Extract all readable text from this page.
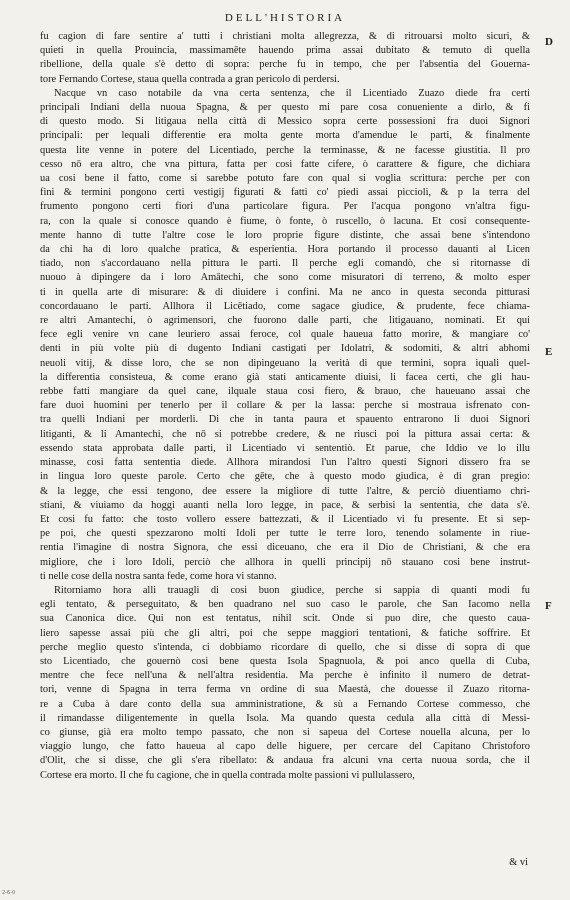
DELL'HISTORIA
fu cagion di fare sentire a' tutti i christiani molta allegrezza, & di ritrouarsi molto sicuri, &
quieti in quella Prouincia, massimamēte hauendo prima assai dubitato & temuto di quella
ribellione, della quale s'è detto di sopra: perche fu in tempo, che per l'absentia del Gouerna-
tore Fernando Cortese, staua quella contrada a gran pericolo di perdersi.
Nacque vn caso notabile da vna certa sentenza, che il Licentiado Zuazo diede fra certi
principali Indiani della nuoua Spagna, & per questo mi pare cosa conueniente a dirlo, & fi
di questo modo. Si litigaua nella città di Messico sopra certe possessioni fra duoi Signori
principali: per lequali differentie era molta gente morta d'amendue le parti, & finalmente
questa lite venne in potere del Licentiado, perche la terminasse, & ne facesse giustitia. Il pro
cesso nō era altro, che vna pittura, fatta per cosi fatte cifere, ò carattere & figure, che dichiara
ua cosi bene il fatto, come si sarebbe potuto fare con qual si voglia scrittura: perche per con
fini & termini pongono certi vestigij figurati & fatti co' piedi assai piccioli, & p la terra del
frumento pongono certi fiori d'una particolare figura. Per l'acqua pongono vn'altra figu-
ra, con la quale si conosce quando è fiume, ò fonte, ò ruscello, ò lacuna. Et cosi consequente-
mente hanno di tutte l'altre cose le loro proprie figure distinte, che assai bene s'intendono
da chi ha di loro qualche pratica, & esperientia. Hora portando il processo dauanti al Licen
tiado, non s'accordauano nella pittura le parti. Il perche egli comandò, che si ritornasse di
nuouo à dipingere da i loro Amātechi, che sono come misuratori di terreno, & molto esper
ti in quella arte di misurare: & di diuidere i confini. Ma ne anco in questa seconda pitturasi
concordauano le parti. Allhora il Licētiado, come sagace giudice, & prudente, fece chiama-
re altri Amantechi, ò agrimensori, che fuorono dalle parti, che litigauano, nominati. Et qui
fece egli venire vn cane leuriero assai feroce, col quale haueua fatto morire, & mangiare co'
denti in più volte più di dugento Indiani castigati per Idolatri, & sodomiti, & altri abhomi
neuoli vitij, & disse loro, che se non dipingeuano la verità di que termini, sopra iquali quel-
la differentia consisteua, & come erano già stati anticamente diuisi, li facea certi, che gli hau-
rebbe fatti mangiare da quel cane, ilquale staua cosi fiero, & brauo, che haueuano assai che
fare duoi huomini per tenerlo per il collare & per la lassa: perche si mostraua isfrenato con-
tra quelli Indiani per morderli. Di che in tanta paura et spauento entrarono li duoi Signori
litiganti, & li Amantechi, che nō si potrebbe credere, & ne riusci poi la pittura assai certa: &
essendo stata approbata dalle parti, il Licentiado vi sententiò. Et parue, che Iddio ve lo illu
minasse, cosi fatta sententia diede. Allhora mirandosi l'un l'altro questi Signori dissero fra se
in lingua loro queste parole. Certo che gēte, che à questo modo giudica, è di gran pregio:
& la legge, che essi tengono, dee essere la migliore di tutte l'altre, & perciò diuentiamo chri-
stiani, & viuiamo da hoggi auanti nella loro legge, in pace, & serbisi la sententia, che data s'è.
Et cosi fu fatto: che tosto vollero essere battezzati, & il Licentiado vi fu presente. Et si sep-
pe poi, che questi spezzarono molti Idoli per tutte le terre loro, tenendo solamente in riue-
rentia l'imagine di nostra Signora, che essi diceuano, che era il Dio de Christiani, & che era
migliore, che i loro Idoli, perciò che allhora in quelli principij nō stauano cosi bene instrut-
ti nelle cose della nostra santa fede, come hora vi stanno.
Ritorniamo hora alli trauagli di cosi buon giudice, perche si sappia di quanti modi fu
egli tentato, & perseguitato, & ben quadrano nel suo caso le parole, che San Iacomo nella
sua Canonica dice. Qui non est tentatus, nihil scit. Onde si puo dire, che questo caua-
liero sapesse assai più che gli altri, poi che seppe maggiori tentationi, & fatiche soffrire. Et
perche meglio questo s'intenda, ci dobbiamo ricordare di quello, che si disse di sopra di que
sto Licentiado, che gouernò cosi bene questa Isola Spagnuola, & poi anco quella di Cuba,
mentre che fece nell'una & nell'altra residentia. Ma perche è infinito il numero de detrat-
tori, venne di Spagna in terra ferma vn ordine di sua Maestà, che douesse il Zuazo ritorna-
re a Cuba à dare conto della sua amministratione, & sù a Fernando Cortese commesso, che
il rimandasse diligentemente in quella Isola. Ma quando questa cedula alla città di Messi-
co giunse, già era molto tempo passato, che non si sapeua del Cortese nouella alcuna, per lo
viaggio lungo, che fatto haueua al capo delle higuere, per cercare del Capitano Christoforo
d'Olit, che si disse, che gli s'era ribellato: & andaua fra alcuni vna certa nuoua sorda, che il
Cortese era morto. Il che fu cagione, che in quella contrada molte passioni vi pullulassero,
D
E
F
& vi
2-6-0
